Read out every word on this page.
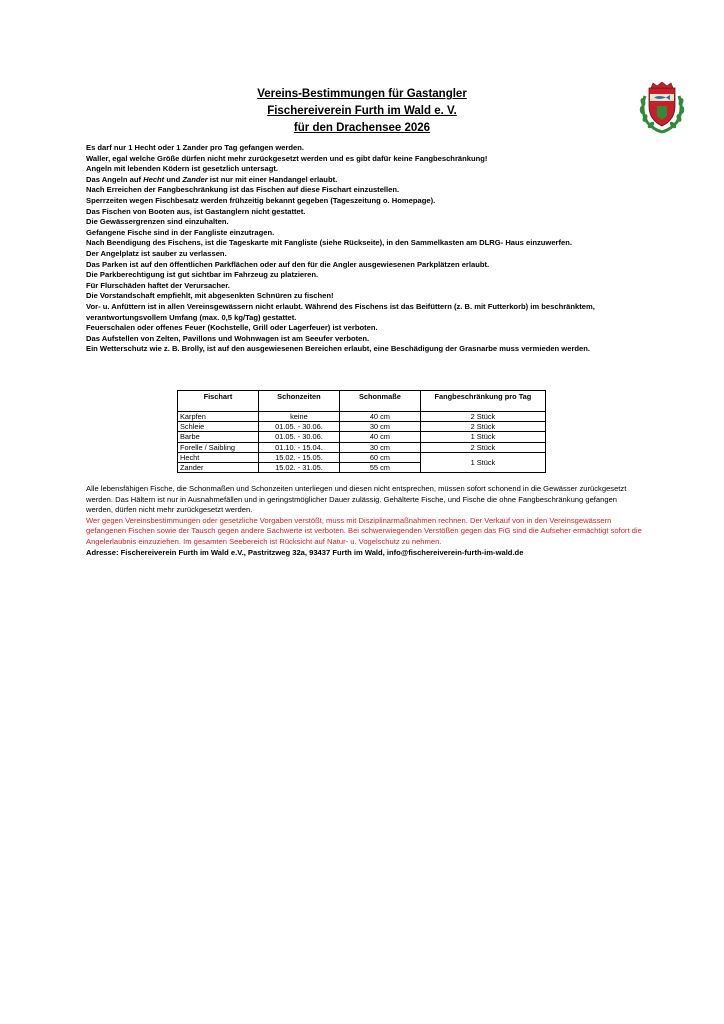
Vereins-Bestimmungen für Gastangler
Fischereiverein Furth im Wald e. V.
für den Drachensee 2026
Es darf nur 1 Hecht oder 1 Zander pro Tag gefangen werden.
Waller, egal welche Größe dürfen nicht mehr zurückgesetzt werden und es gibt dafür keine Fangbeschränkung!
Angeln mit lebenden Ködern ist gesetzlich untersagt.
Das Angeln auf Hecht und Zander ist nur mit einer Handangel erlaubt.
Nach Erreichen der Fangbeschränkung ist das Fischen auf diese Fischart einzustellen.
Sperrzeiten wegen Fischbesatz werden frühzeitig bekannt gegeben (Tageszeitung o. Homepage).
Das Fischen von Booten aus, ist Gastanglern nicht gestattet.
Die Gewässergrenzen sind einzuhalten.
Gefangene Fische sind in der Fangliste einzutragen.
Nach Beendigung des Fischens, ist die Tageskarte mit Fangliste (siehe Rückseite), in den Sammelkasten am DLRG- Haus einzuwerfen.
Der Angelplatz ist sauber zu verlassen.
Das Parken ist auf den öffentlichen Parkflächen oder auf den für die Angler ausgewiesenen Parkplätzen erlaubt.
Die Parkberechtigung ist gut sichtbar im Fahrzeug zu platzieren.
Für Flurschäden haftet der Verursacher.
Die Vorstandschaft empfiehlt, mit abgesenkten Schnüren zu fischen!
Vor- u. Anfüttern ist in allen Vereinsgewässern nicht erlaubt. Während des Fischens ist das Beifüttern (z. B. mit Futterkorb) im beschränktem, verantwortungsvollem Umfang (max. 0,5 kg/Tag) gestattet.
Feuerschalen oder offenes Feuer (Kochstelle, Grill oder Lagerfeuer) ist verboten.
Das Aufstellen von Zelten, Pavillons und Wohnwagen ist am Seeufer verboten.
Ein Wetterschutz wie z. B. Brolly, ist auf den ausgewiesenen Bereichen erlaubt, eine Beschädigung der Grasnarbe muss vermieden werden.
Fischart	Schonzeiten	Schonmaße	Fangbeschränkung pro Tag
Karpfen	keine	40 cm	2 Stück
Schleie	01.05. - 30.06.	30 cm	2 Stück
Barbe	01.05. - 30.06.	40 cm	1 Stück
Forelle / Saibling	01.10. - 15.04.	30 cm	2 Stück
Hecht	15.02. - 15.05.	60 cm	1 Stück
Zander	15.02. - 31.05.	55 cm	

Alle lebensfähigen Fische, die Schonmaßen und Schonzeiten unterliegen und diesen nicht entsprechen, müssen sofort schonend in die Gewässer zurückgesetzt werden. Das Hältern ist nur in Ausnahmefällen und in geringstmöglicher Dauer zulässig. Gehälterte Fische, und Fische die ohne Fangbeschränkung gefangen werden, dürfen nicht mehr zurückgesetzt werden.

Wer gegen Vereinsbestimmungen oder gesetzliche Vorgaben verstößt, muss mit Disziplinarmaßnahmen rechnen. Der Verkauf von in den Vereinsgewässern gefangenen Fischen sowie der Tausch gegen andere Sachwerte ist verboten. Bei schwerwiegenden Verstößen gegen das FiG sind die Aufseher ermächtigt sofort die Angelerlaubnis einzuziehen. Im gesamten Seebereich ist Rücksicht auf Natur- u. Vogelschutz zu nehmen.

Adresse: Fischereiverein Furth im Wald e.V., Pastritzweg 32a, 93437 Furth im Wald, info@fischereiverein-furth-im-wald.de
